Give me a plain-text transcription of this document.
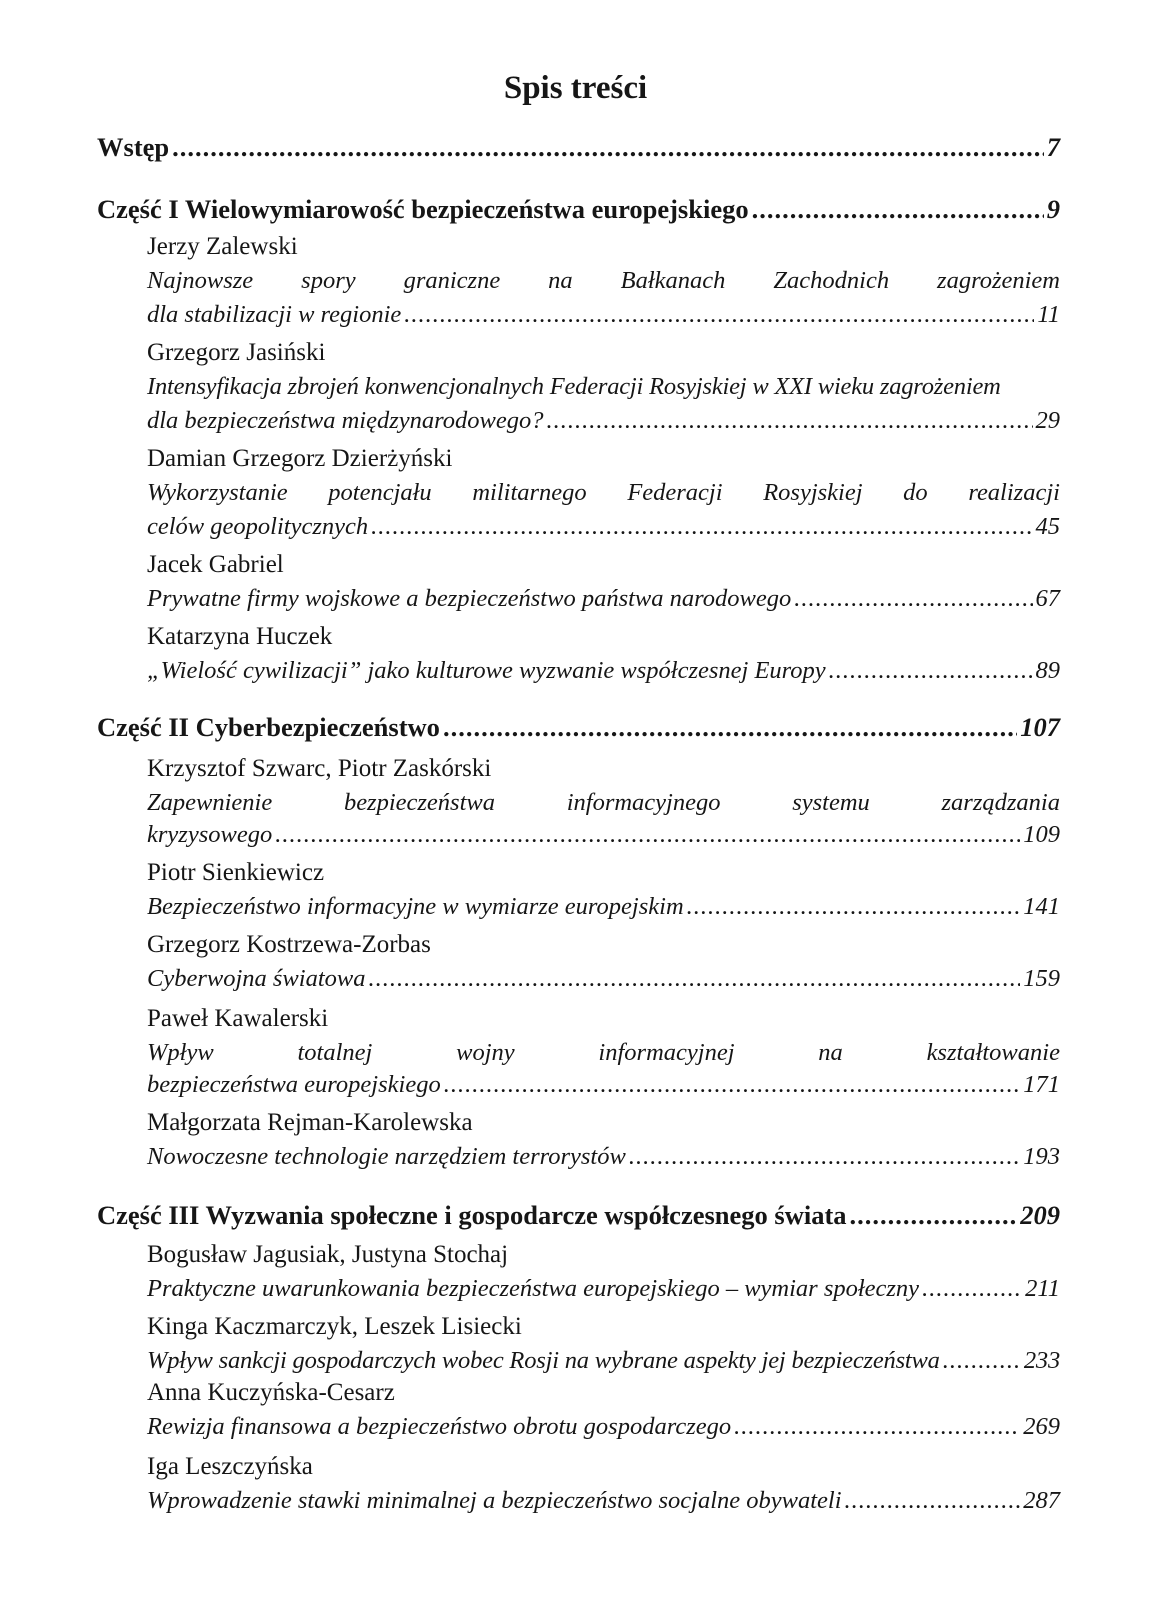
Spis treści
Wstęp .....	7
Część I Wielowymiarowość bezpieczeństwa europejskiego .....	9
Jerzy Zalewski
Najnowsze spory graniczne na Bałkanach Zachodnich zagrożeniem
dla stabilizacji w regionie .....	11
Grzegorz Jasiński
Intensyfikacja zbrojeń konwencjonalnych Federacji Rosyjskiej w XXI wieku zagrożeniem
dla bezpieczeństwa międzynarodowego? .....	29
Damian Grzegorz Dzierżyński
Wykorzystanie potencjału militarnego Federacji Rosyjskiej do realizacji
celów geopolitycznych .....	45
Jacek Gabriel
Prywatne firmy wojskowe a bezpieczeństwo państwa narodowego .....	67
Katarzyna Huczek
„Wielość cywilizacji” jako kulturowe wyzwanie współczesnej Europy .....	89
Część II Cyberbezpieczeństwo .....	107
Krzysztof Szwarc, Piotr Zaskórski
Zapewnienie	bezpieczeństwa	informacyjnego	systemu	zarządzania
kryzysowego .....	109
Piotr Sienkiewicz
Bezpieczeństwo informacyjne w wymiarze europejskim .....	141
Grzegorz Kostrzewa-Zorbas
Cyberwojna światowa .....	159
Paweł Kawalerski
Wpływ	totalnej	wojny	informacyjnej	na	kształtowanie
bezpieczeństwa europejskiego .....	171
Małgorzata Rejman-Karolewska
Nowoczesne technologie narzędziem terrorystów .....	193
Część III Wyzwania społeczne i gospodarcze współczesnego świata .....	209
Bogusław Jagusiak, Justyna Stochaj
Praktyczne uwarunkowania bezpieczeństwa europejskiego – wymiar społeczny .....	211
Kinga Kaczmarczyk, Leszek Lisiecki
Wpływ sankcji gospodarczych wobec Rosji na wybrane aspekty jej bezpieczeństwa .....	233
Anna Kuczyńska-Cesarz
Rewizja finansowa a bezpieczeństwo obrotu gospodarczego .....	269
Iga Leszczyńska
Wprowadzenie stawki minimalnej a bezpieczeństwo socjalne obywateli .....	287
